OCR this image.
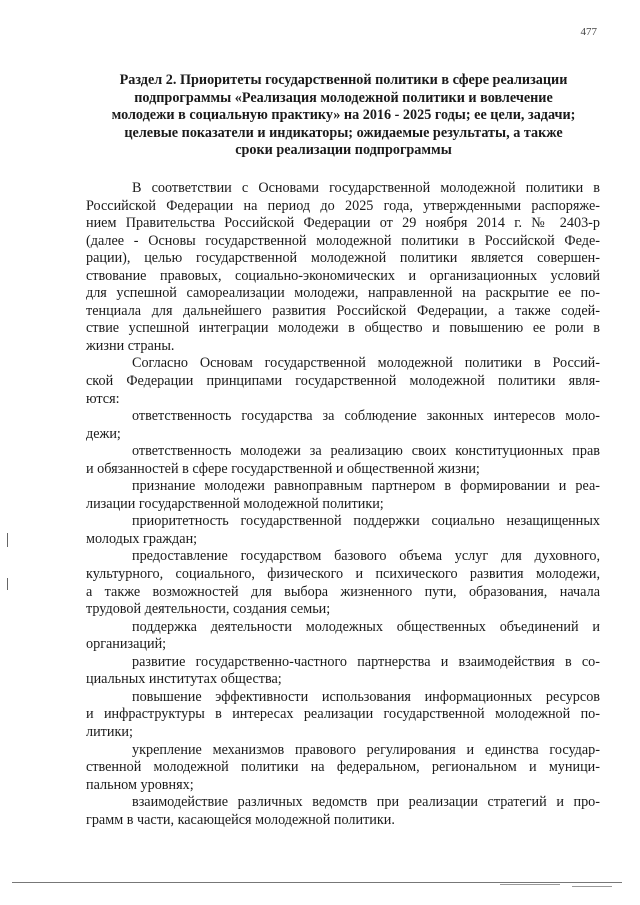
477
Раздел 2. Приоритеты государственной политики в сфере реализации
подпрограммы «Реализация молодежной политики и вовлечение
молодежи в социальную практику» на 2016 - 2025 годы; ее цели, задачи;
целевые показатели и индикаторы; ожидаемые результаты, а также
сроки реализации подпрограммы
В соответствии с Основами государственной молодежной политики в
Российской Федерации на период до 2025 года, утвержденными распоряже-
нием Правительства Российской Федерации от 29 ноября 2014 г. № 2403-р
(далее - Основы государственной молодежной политики в Российской Феде-
рации), целью государственной молодежной политики является совершен-
ствование правовых, социально-экономических и организационных условий
для успешной самореализации молодежи, направленной на раскрытие ее по-
тенциала для дальнейшего развития Российской Федерации, а также содей-
ствие успешной интеграции молодежи в общество и повышению ее роли в
жизни страны.
Согласно Основам государственной молодежной политики в Россий-
ской Федерации принципами государственной молодежной политики явля-
ются:
ответственность государства за соблюдение законных интересов моло-
дежи;
ответственность молодежи за реализацию своих конституционных прав
и обязанностей в сфере государственной и общественной жизни;
признание молодежи равноправным партнером в формировании и реа-
лизации государственной молодежной политики;
приоритетность государственной поддержки социально незащищенных
молодых граждан;
предоставление государством базового объема услуг для духовного,
культурного, социального, физического и психического развития молодежи,
а также возможностей для выбора жизненного пути, образования, начала
трудовой деятельности, создания семьи;
поддержка деятельности молодежных общественных объединений и
организаций;
развитие государственно-частного партнерства и взаимодействия в со-
циальных институтах общества;
повышение эффективности использования информационных ресурсов
и инфраструктуры в интересах реализации государственной молодежной по-
литики;
укрепление механизмов правового регулирования и единства государ-
ственной молодежной политики на федеральном, региональном и муници-
пальном уровнях;
взаимодействие различных ведомств при реализации стратегий и про-
грамм в части, касающейся молодежной политики.
